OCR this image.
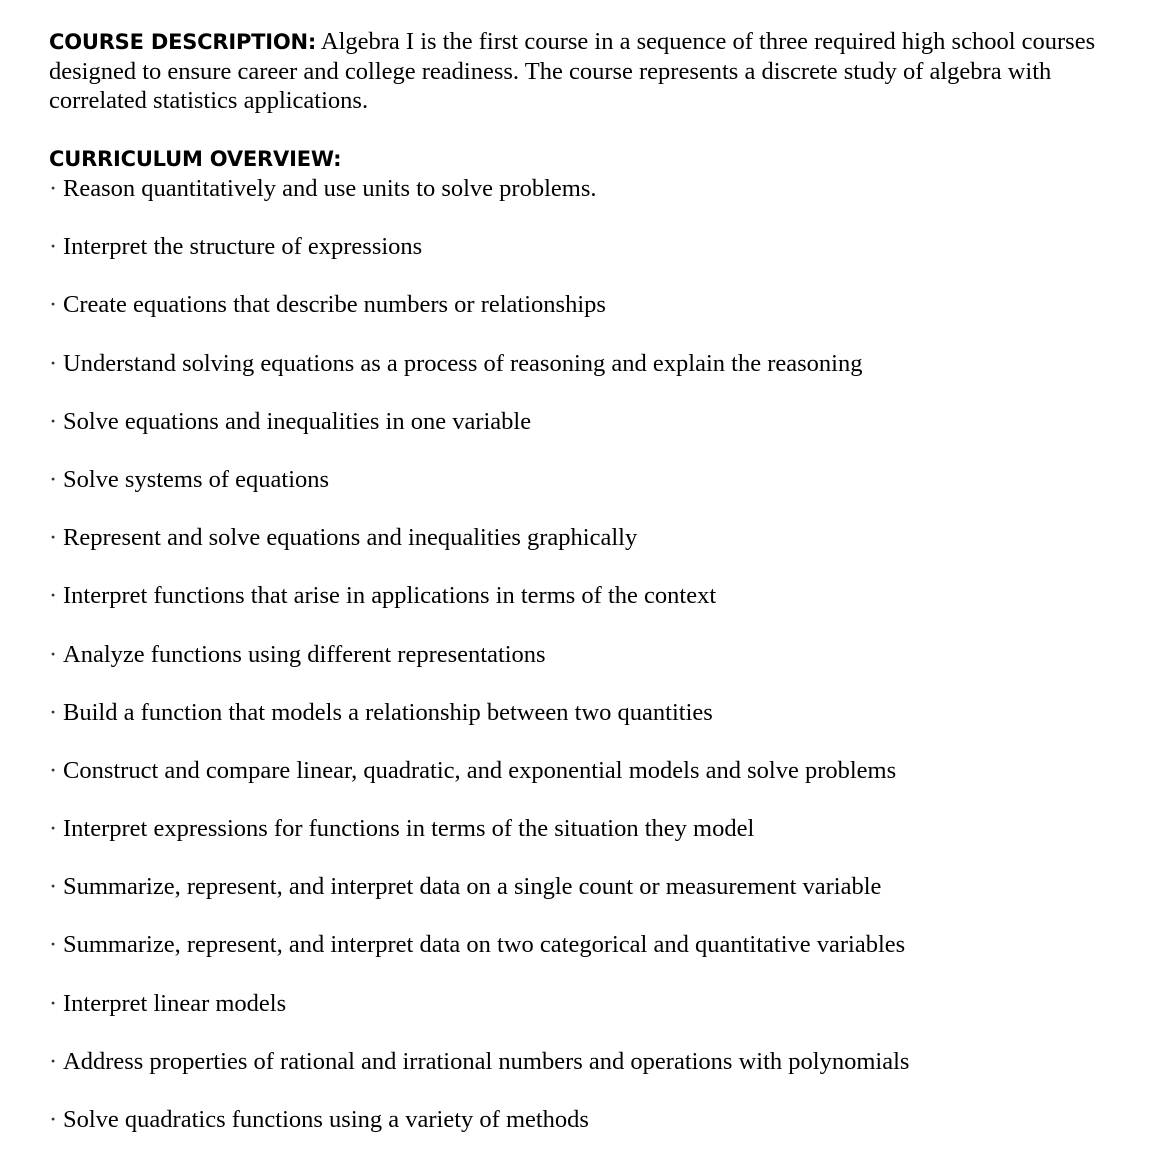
COURSE DESCRIPTION: Algebra I is the first course in a sequence of three required high school courses designed to ensure career and college readiness. The course represents a discrete study of algebra with correlated statistics applications.

CURRICULUM OVERVIEW:
· Reason quantitatively and use units to solve problems.
· Interpret the structure of expressions
· Create equations that describe numbers or relationships
· Understand solving equations as a process of reasoning and explain the reasoning
· Solve equations and inequalities in one variable
· Solve systems of equations
· Represent and solve equations and inequalities graphically
· Interpret functions that arise in applications in terms of the context
· Analyze functions using different representations
· Build a function that models a relationship between two quantities
· Construct and compare linear, quadratic, and exponential models and solve problems
· Interpret expressions for functions in terms of the situation they model
· Summarize, represent, and interpret data on a single count or measurement variable
· Summarize, represent, and interpret data on two categorical and quantitative variables
· Interpret linear models
· Address properties of rational and irrational numbers and operations with polynomials
· Solve quadratics functions using a variety of methods
